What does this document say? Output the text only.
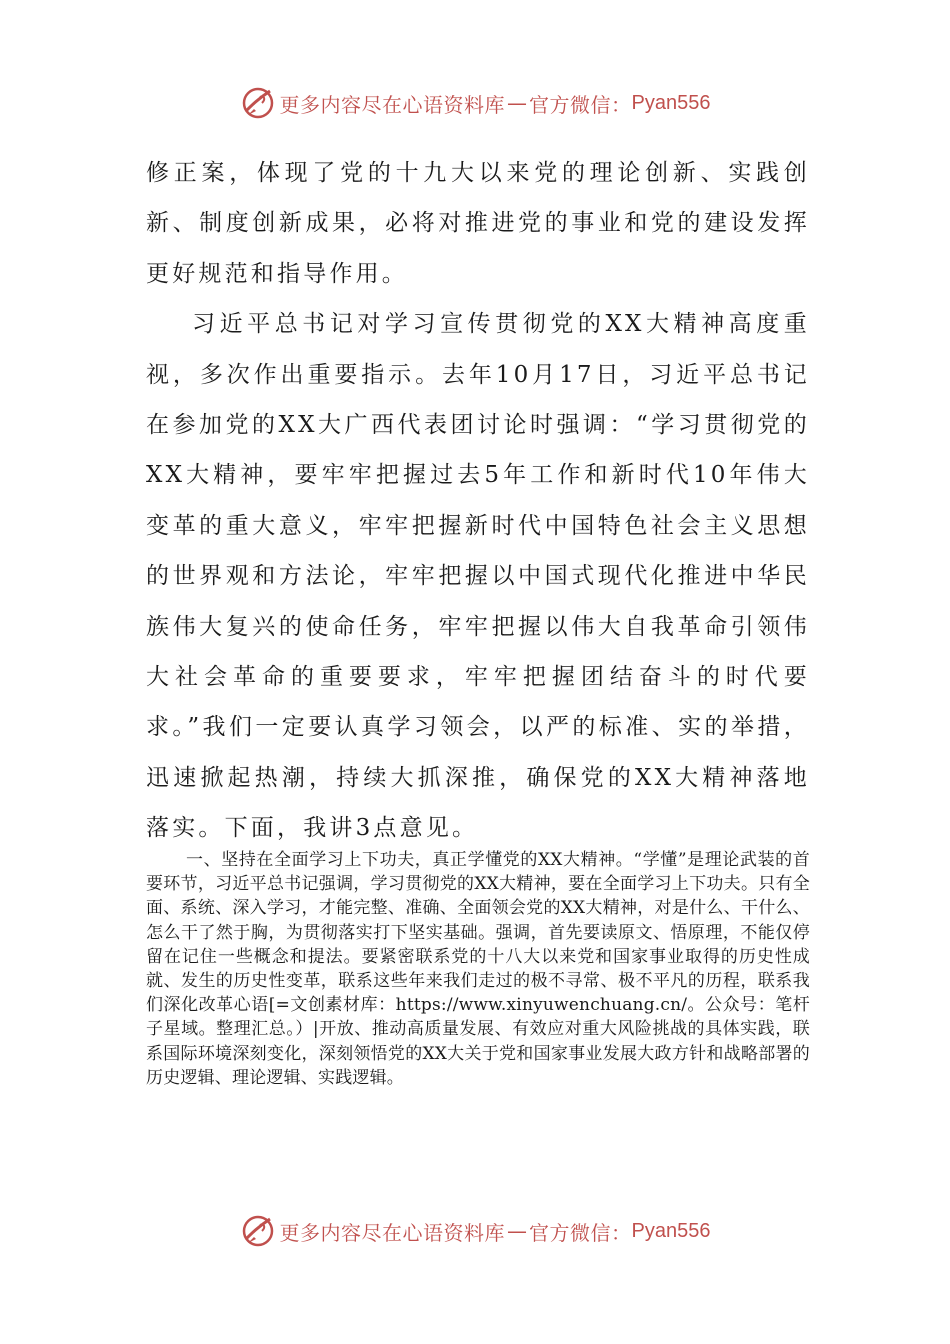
更多内容尽在心语资料库 — 官方微信： Pyan556

修正案，体现了党的十九大以来党的理论创新、实践创新、制度创新成果，必将对推进党的事业和党的建设发挥更好规范和指导作用。

习近平总书记对学习宣传贯彻党的XX大精神高度重视，多次作出重要指示。去年10月17日，习近平总书记在参加党的XX大广西代表团讨论时强调：“学习贯彻党的XX大精神，要牢牢把握过去5年工作和新时代10年伟大变革的重大意义，牢牢把握新时代中国特色社会主义思想的世界观和方法论，牢牢把握以中国式现代化推进中华民族伟大复兴的使命任务，牢牢把握以伟大自我革命引领伟大社会革命的重要要求，牢牢把握团结奋斗的时代要求。”我们一定要认真学习领会，以严的标准、实的举措，迅速掀起热潮，持续大抓深推，确保党的XX大精神落地落实。下面，我讲3点意见。

一、坚持在全面学习上下功夫，真正学懂党的XX大精神。“学懂”是理论武装的首要环节，习近平总书记强调，学习贯彻党的XX大精神，要在全面学习上下功夫。只有全面、系统、深入学习，才能完整、准确、全面领会党的XX大精神，对是什么、干什么、怎么干了然于胸，为贯彻落实打下坚实基础。强调，首先要读原文、悟原理，不能仅停留在记住一些概念和提法。要紧密联系党的十八大以来党和国家事业取得的历史性成就、发生的历史性变革，联系这些年来我们走过的极不寻常、极不平凡的历程，联系我们深化改革心语[=文创素材库：https://www.xinyuwenchuang.cn/。公众号：笔杆子星域。整理汇总。）|开放、推动高质量发展、有效应对重大风险挑战的具体实践，联系国际环境深刻变化，深刻领悟党的XX大关于党和国家事业发展大政方针和战略部署的历史逻辑、理论逻辑、实践逻辑。

更多内容尽在心语资料库 — 官方微信： Pyan556
